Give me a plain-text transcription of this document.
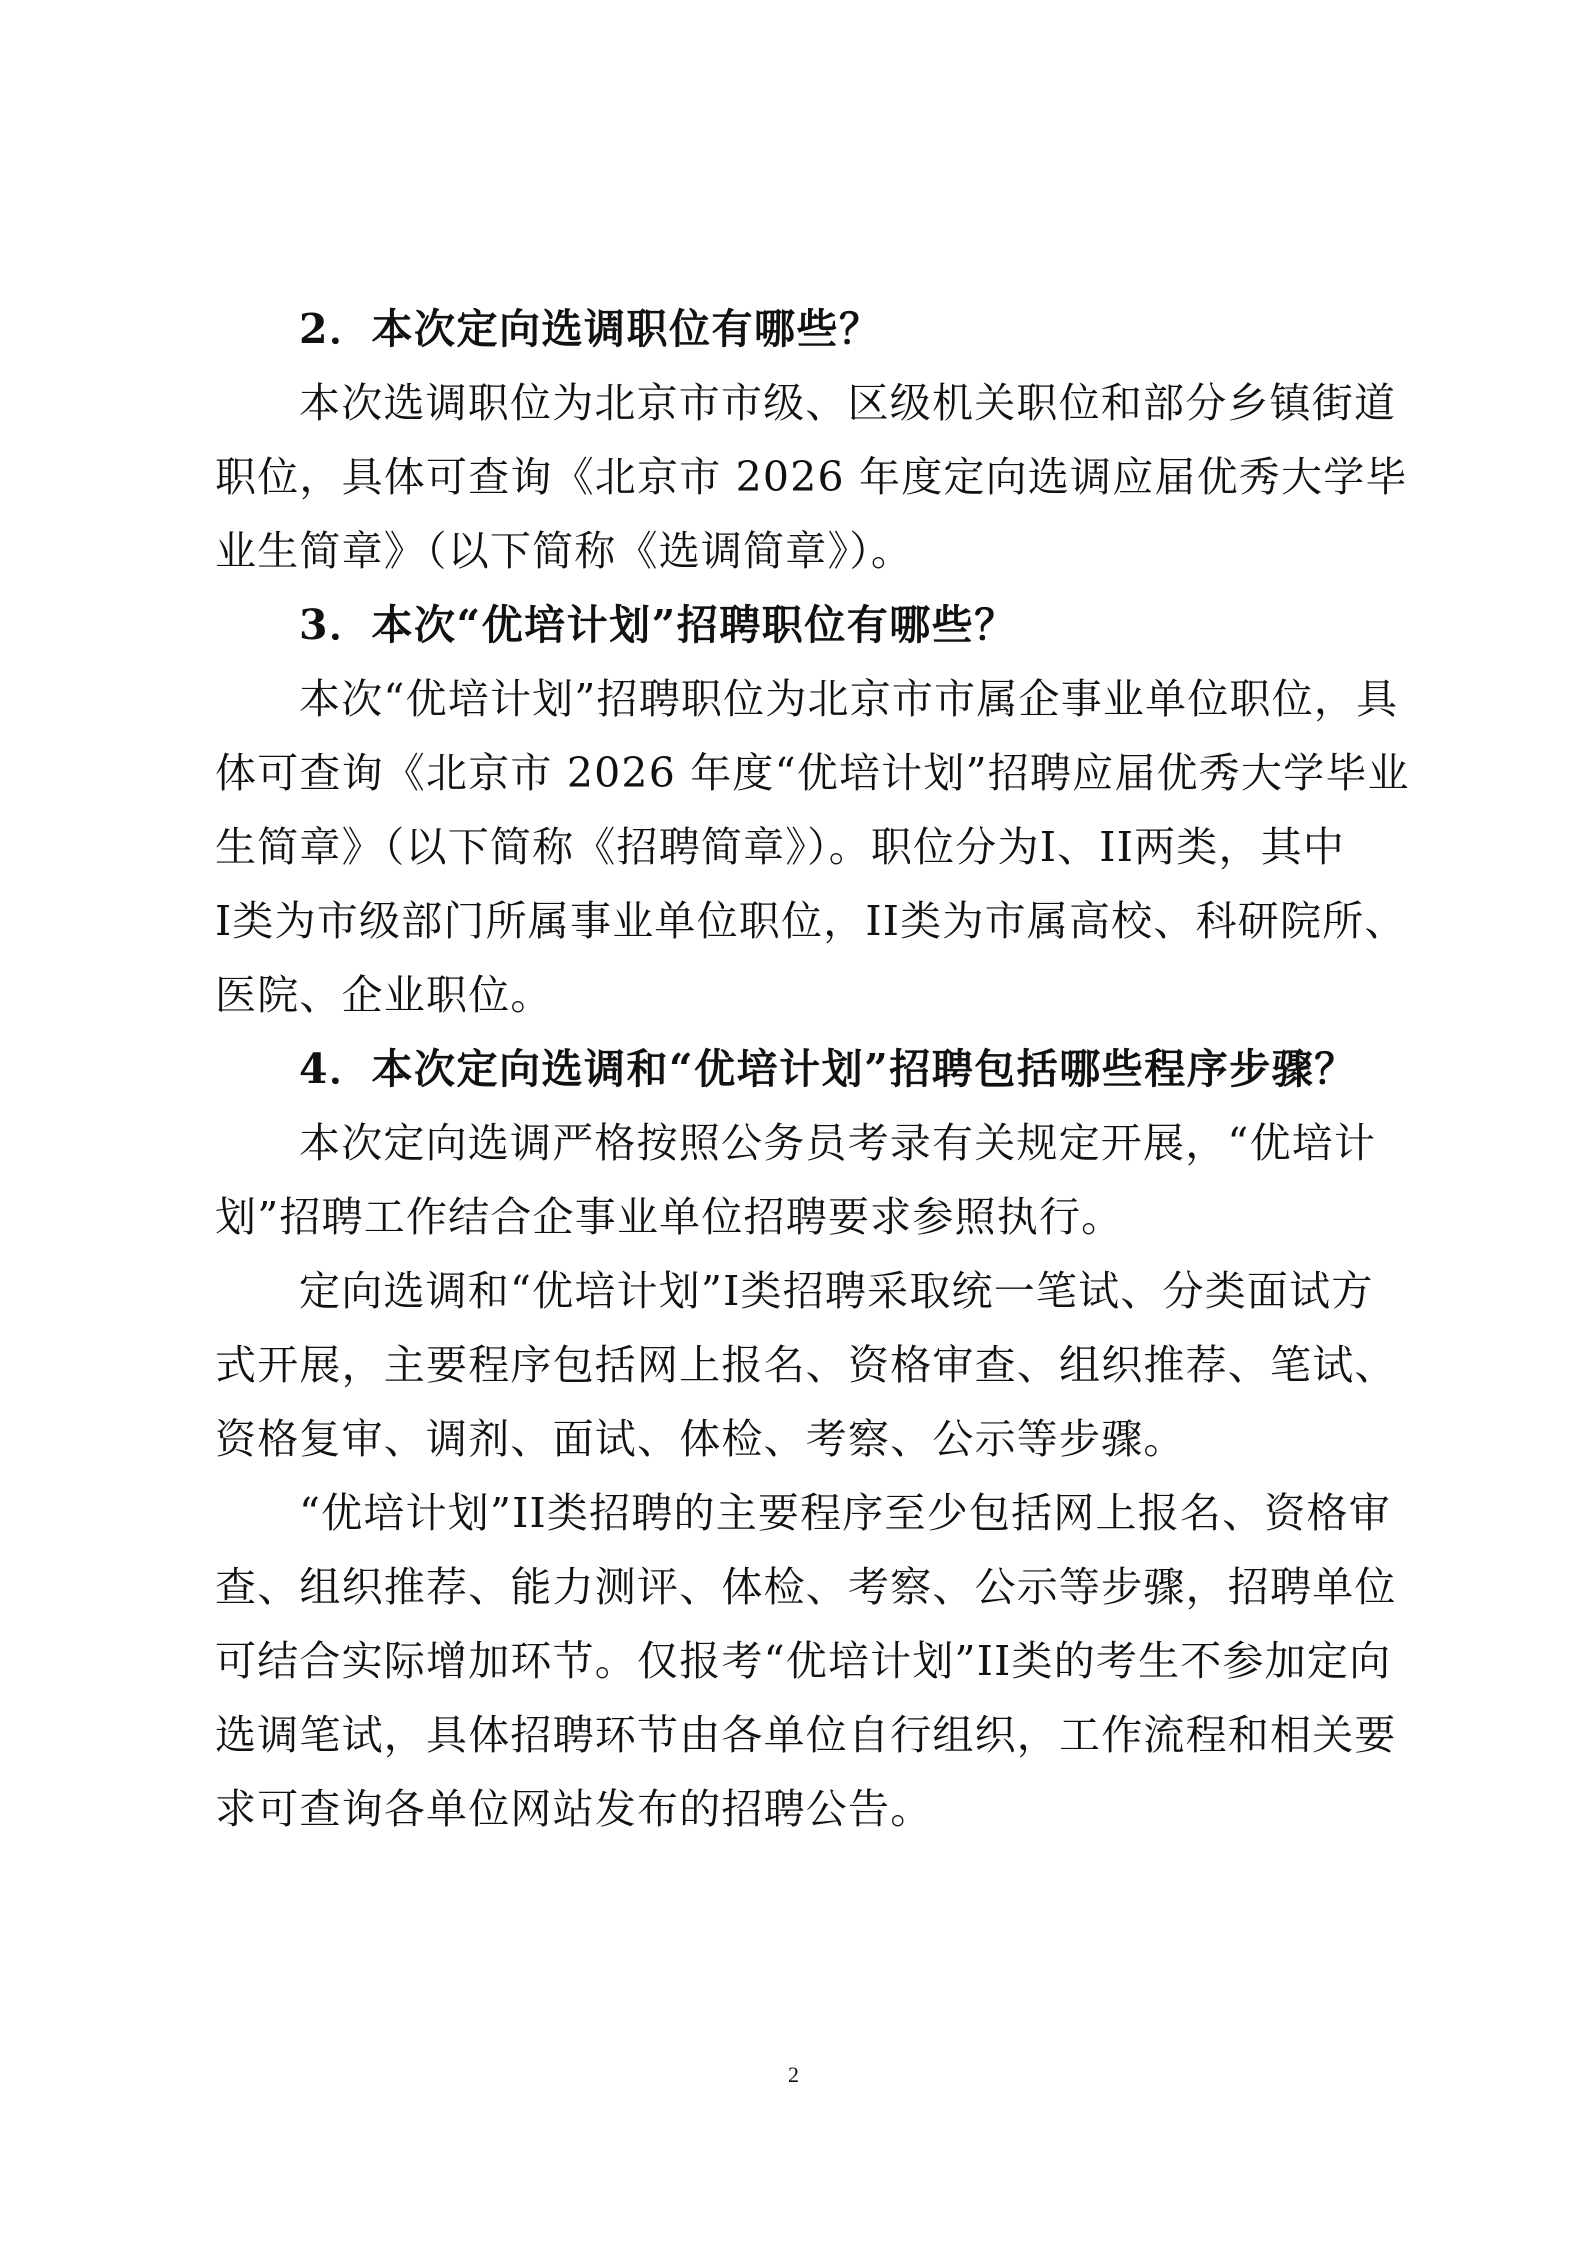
2．本次定向选调职位有哪些？
本次选调职位为北京市市级、区级机关职位和部分乡镇街道
职位，具体可查询《北京市 2026 年度定向选调应届优秀大学毕
业生简章》（以下简称《选调简章》）。
3．本次“优培计划”招聘职位有哪些？
本次“优培计划”招聘职位为北京市市属企事业单位职位，具
体可查询《北京市 2026 年度“优培计划”招聘应届优秀大学毕业
生简章》（以下简称《招聘简章》）。职位分为I、II两类，其中
I类为市级部门所属事业单位职位，II类为市属高校、科研院所、
医院、企业职位。
4．本次定向选调和“优培计划”招聘包括哪些程序步骤？
本次定向选调严格按照公务员考录有关规定开展，“优培计
划”招聘工作结合企事业单位招聘要求参照执行。
定向选调和“优培计划”I类招聘采取统一笔试、分类面试方
式开展，主要程序包括网上报名、资格审查、组织推荐、笔试、
资格复审、调剂、面试、体检、考察、公示等步骤。
“优培计划”II类招聘的主要程序至少包括网上报名、资格审
查、组织推荐、能力测评、体检、考察、公示等步骤，招聘单位
可结合实际增加环节。仅报考“优培计划”II类的考生不参加定向
选调笔试，具体招聘环节由各单位自行组织，工作流程和相关要
求可查询各单位网站发布的招聘公告。
2
